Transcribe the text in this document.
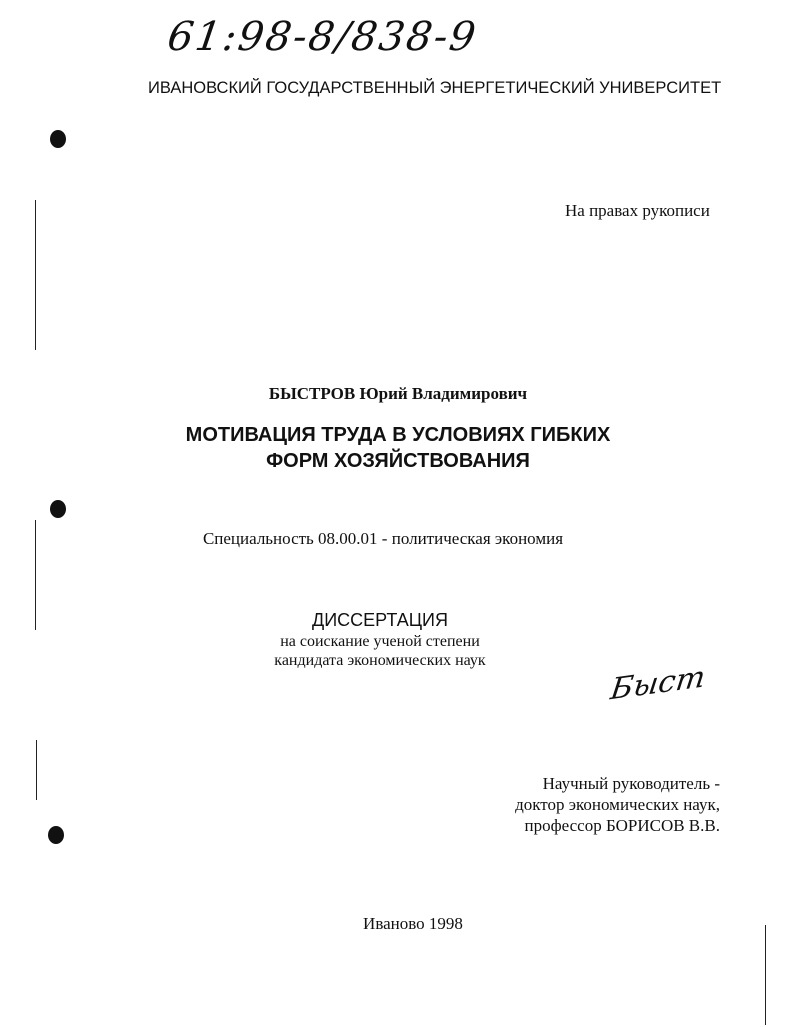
61:98-8/838-9
ИВАНОВСКИЙ ГОСУДАРСТВЕННЫЙ ЭНЕРГЕТИЧЕСКИЙ УНИВЕРСИТЕТ
На правах рукописи
БЫСТРОВ Юрий Владимирович
МОТИВАЦИЯ ТРУДА В УСЛОВИЯХ ГИБКИХ
ФОРМ ХОЗЯЙСТВОВАНИЯ
Специальность 08.00.01 - политическая экономия
ДИССЕРТАЦИЯ
на соискание ученой степени
кандидата экономических наук	Быст
Научный руководитель -
доктор экономических наук,
профессор БОРИСОВ В.В.
Иваново 1998
